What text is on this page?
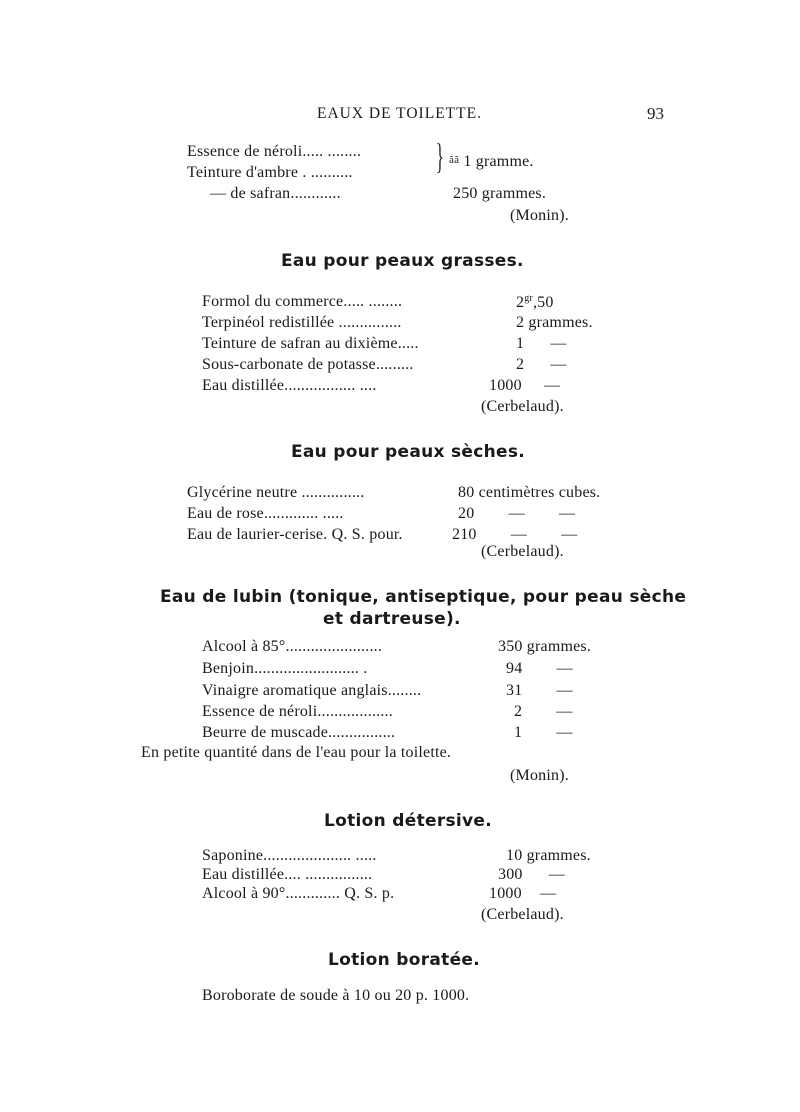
EAUX DE TOILETTE.	93
Essence de néroli..... ........
Teinture d'ambre . .......... } ãã 1 gramme.
— de safran............	250 grammes.
(Monin).
Eau pour peaux grasses.
Formol du commerce..... ........	$2^{gr},50$
Terpinéol redistillée ...............	2 grammes.
Teinture de safran au dixième.....	1 —
Sous-carbonate de potasse.........	2 —
Eau distillée................. ....	1000 —
(Cerbelaud).
Eau pour peaux sèches.
Glycérine neutre ...............	80 centimètres cubes.
Eau de rose............. .....	20 — —
Eau de laurier-cerise. Q. S. pour.	210 — —
(Cerbelaud).
Eau de lubin (tonique, antiseptique, pour peau sèche
et dartreuse).
Alcool à 85°.......................	350 grammes.
Benjoin......................... .	94 —
Vinaigre aromatique anglais........	31 —
Essence de néroli..................	2 —
Beurre de muscade................	1 —
En petite quantité dans de l'eau pour la toilette.
(Monin).
Lotion détersive.
Saponine..................... .....	10 grammes.
Eau distillée.... ................	300 —
Alcool à 90°............. Q. S. p.	1000 —
(Cerbelaud).
Lotion boratée.
Boroborate de soude à 10 ou 20 p. 1000.
